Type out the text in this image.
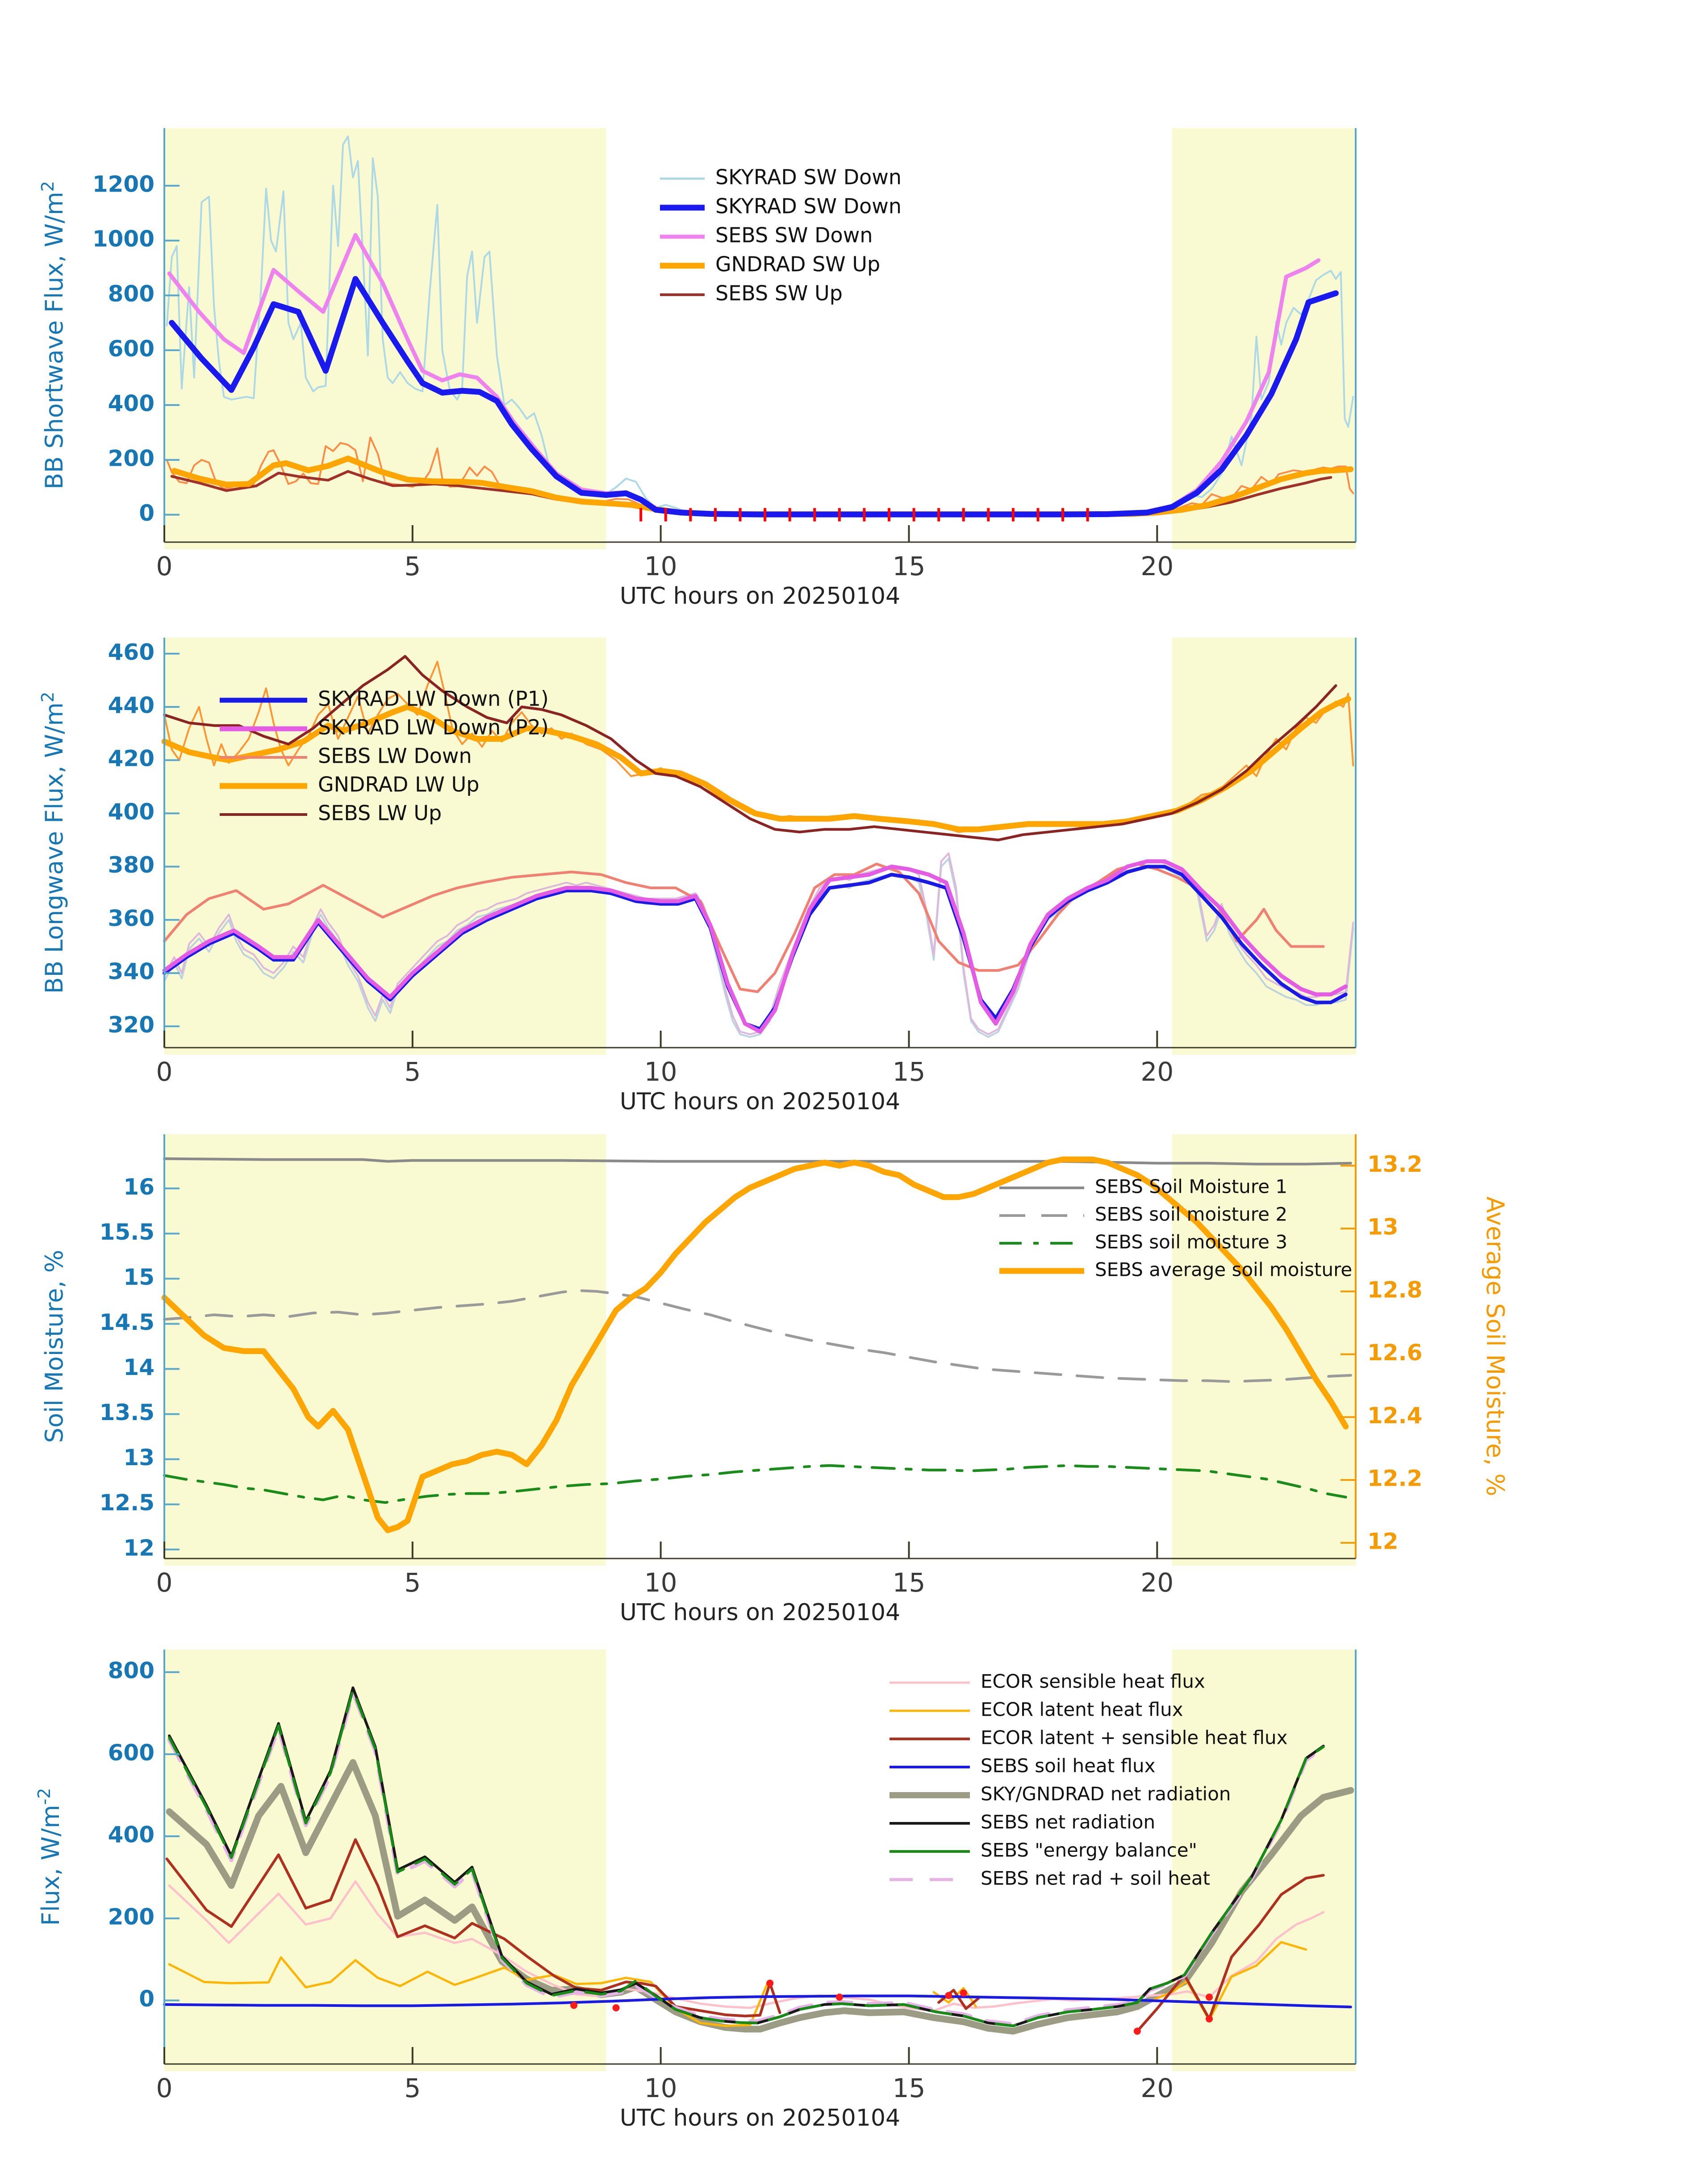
0
200
400
600
800
1000
1200
0	5	10	15	20
UTC hours on 20250104
BB Shortwave Flux, $W/m^2$	SKYRAD SW Down
SKYRAD SW Down
SEBS SW Down
GNDRAD SW Up
SEBS SW Up
320
340
360
380
400
420
440
460
0	5	10	15	20
UTC hours on 20250104
BB Longwave Flux, $W/m^2$	SKYRAD LW Down (P1)
SKYRAD LW Down (P2)
SEBS LW Down
GNDRAD LW Up
SEBS LW Up
12
12.5
13
13.5
14
14.5
15
15.5
16
12
12.2
12.4
12.6
12.8
13
13.2
Average Soil Moisture, %
0	5	10	15	20
UTC hours on 20250104
Soil Moisture, %
SEBS Soil Moisture 1
SEBS soil moisture 2
SEBS soil moisture 3
SEBS average soil moisture
0
200
400
600
800
0	5	10	15	20
UTC hours on 20250104
Flux, $W/m^{-2}$
ECOR sensible heat flux
ECOR latent heat flux
ECOR latent + sensible heat flux
SEBS soil heat flux
SKY/GNDRAD net radiation
SEBS net radiation
SEBS "energy balance"
SEBS net rad + soil heat
